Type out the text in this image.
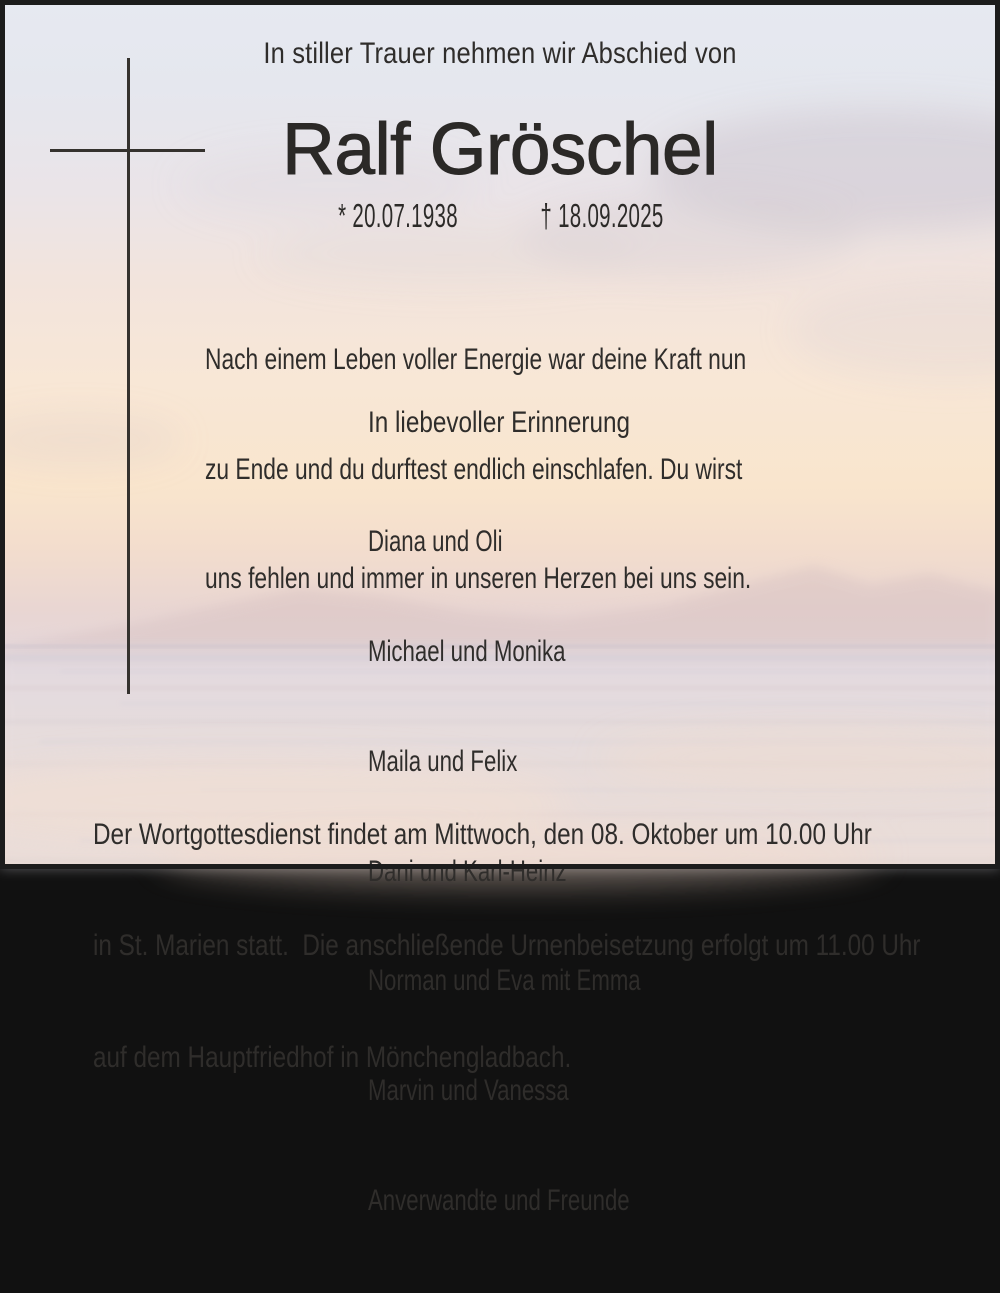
In stiller Trauer nehmen wir Abschied von
Ralf Gröschel
* 20.07.1938	† 18.09.2025

Nach einem Leben voller Energie war deine Kraft nun

zu Ende und du durftest endlich einschlafen. Du wirst

uns fehlen und immer in unseren Herzen bei uns sein.

In liebevoller Erinnerung

Diana und Oli

Michael und Monika

Maila und Felix

Dani und Karl-Heinz

Norman und Eva mit Emma

Marvin und Vanessa

Anverwandte und Freunde

Der Wortgottesdienst findet am Mittwoch, den 08. Oktober um 10.00 Uhr

in St. Marien statt.  Die anschließende Urnenbeisetzung erfolgt um 11.00 Uhr

auf dem Hauptfriedhof in Mönchengladbach.
